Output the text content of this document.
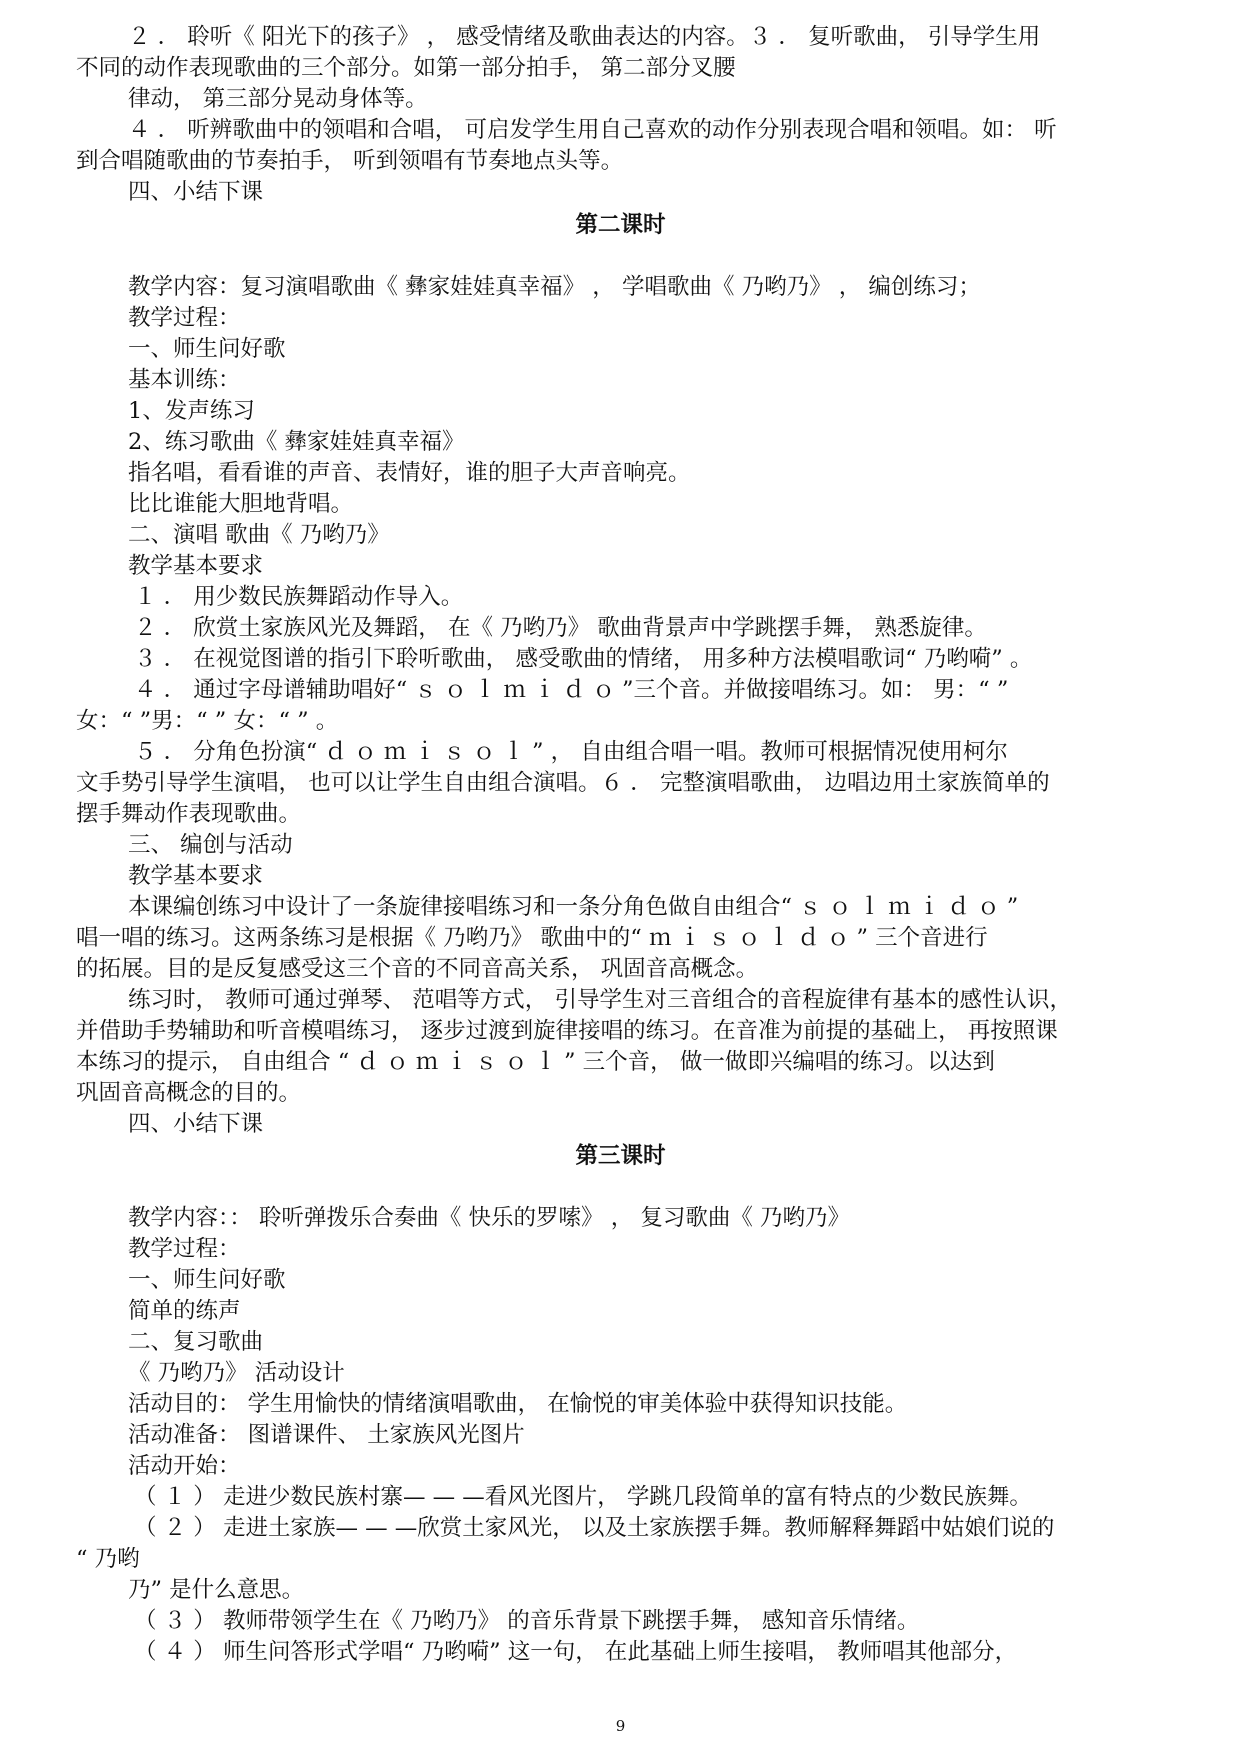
２ ． 聆听《 阳光下的孩子》 ， 感受情绪及歌曲表达的内容。３ ． 复听歌曲， 引导学生用
不同的动作表现歌曲的三个部分。如第一部分拍手， 第二部分叉腰
律动， 第三部分晃动身体等。
４ ． 听辨歌曲中的领唱和合唱， 可启发学生用自己喜欢的动作分别表现合唱和领唱。如： 听
到合唱随歌曲的节奏拍手， 听到领唱有节奏地点头等。
四、小结下课
第二课时
教学内容：复习演唱歌曲《 彝家娃娃真幸福》 ， 学唱歌曲《 乃哟乃》 ， 编创练习；
教学过程：
一、师生问好歌
基本训练：
1、发声练习
2、练习歌曲《 彝家娃娃真幸福》
指名唱，看看谁的声音、表情好，谁的胆子大声音响亮。
比比谁能大胆地背唱。
二、演唱 歌曲《 乃哟乃》
教学基本要求
１ ． 用少数民族舞蹈动作导入。
２ ． 欣赏土家族风光及舞蹈， 在《 乃哟乃》 歌曲背景声中学跳摆手舞， 熟悉旋律。
３ ． 在视觉图谱的指引下聆听歌曲， 感受歌曲的情绪， 用多种方法模唱歌词“ 乃哟嗬” 。
４ ． 通过字母谱辅助唱好“ ｓ ｏ ｌ ｍ ｉ ｄ ｏ ”三个音。并做接唱练习。如： 男：“ ”
女：“ ”男：“ ” 女：“ ” 。
５ ． 分角色扮演“ ｄ ｏ ｍ ｉ ｓ ｏ ｌ ” ， 自由组合唱一唱。教师可根据情况使用柯尔
文手势引导学生演唱， 也可以让学生自由组合演唱。６ ． 完整演唱歌曲， 边唱边用土家族简单的
摆手舞动作表现歌曲。
三、 编创与活动
教学基本要求
本课编创练习中设计了一条旋律接唱练习和一条分角色做自由组合“ ｓ ｏ ｌ ｍ ｉ ｄ ｏ ”
唱一唱的练习。这两条练习是根据《 乃哟乃》 歌曲中的“ ｍ ｉ ｓ ｏ ｌ ｄ ｏ ” 三个音进行
的拓展。目的是反复感受这三个音的不同音高关系， 巩固音高概念。
练习时， 教师可通过弹琴、 范唱等方式， 引导学生对三音组合的音程旋律有基本的感性认识，
并借助手势辅助和听音模唱练习， 逐步过渡到旋律接唱的练习。在音准为前提的基础上， 再按照课
本练习的提示， 自由组合 “ ｄ ｏ ｍ ｉ ｓ ｏ ｌ ” 三个音， 做一做即兴编唱的练习。以达到
巩固音高概念的目的。
四、小结下课
第三课时
教学内容：： 聆听弹拨乐合奏曲《 快乐的罗嗦》 ， 复习歌曲《 乃哟乃》
教学过程：
一、师生问好歌
简单的练声
二、复习歌曲
《 乃哟乃》 活动设计
活动目的： 学生用愉快的情绪演唱歌曲， 在愉悦的审美体验中获得知识技能。
活动准备： 图谱课件、 土家族风光图片
活动开始：
（ １ ） 走进少数民族村寨— — —看风光图片， 学跳几段简单的富有特点的少数民族舞。
（ ２ ） 走进土家族— — —欣赏土家风光， 以及土家族摆手舞。教师解释舞蹈中姑娘们说的
“ 乃哟
乃” 是什么意思。
（ ３ ） 教师带领学生在《 乃哟乃》 的音乐背景下跳摆手舞， 感知音乐情绪。
（ ４ ） 师生问答形式学唱“ 乃哟嗬” 这一句， 在此基础上师生接唱， 教师唱其他部分，
9
